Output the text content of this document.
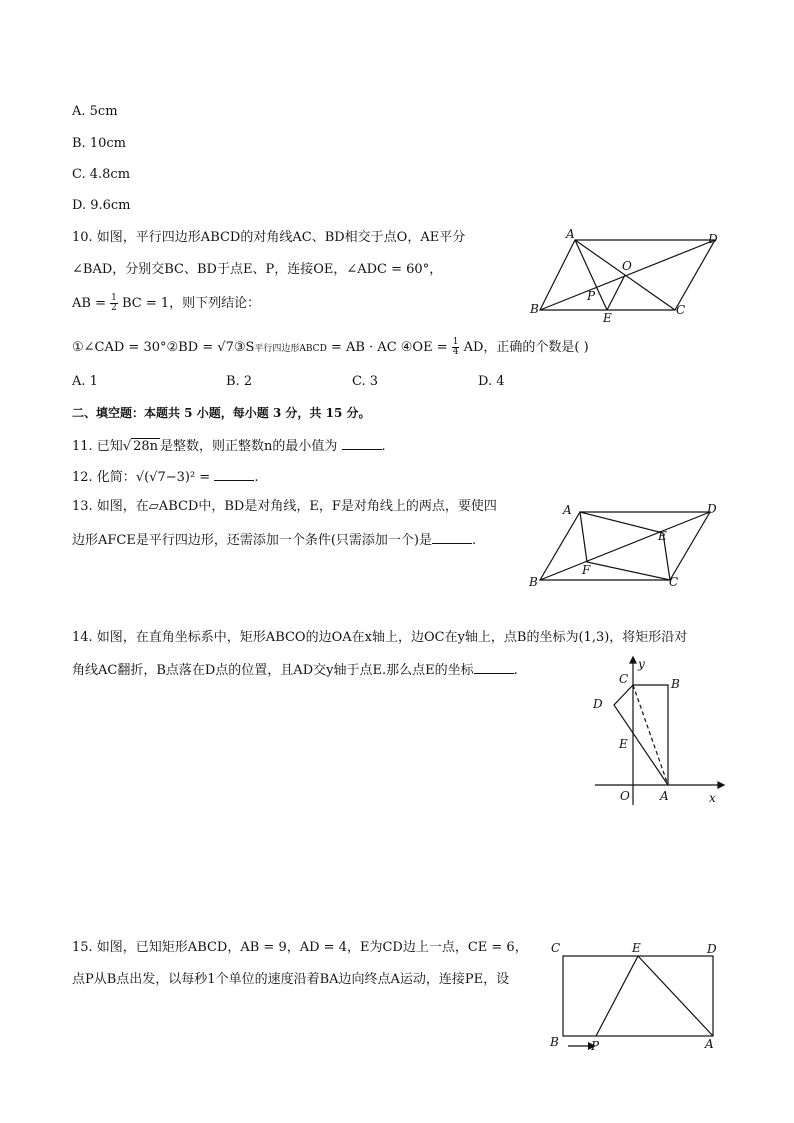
A. 5cm
B. 10cm
C. 4.8cm
D. 9.6cm
10. 如图，平行四边形ABCD的对角线AC、BD相交于点O，AE平分
∠BAD，分别交BC、BD于点E、P，连接OE，∠ADC = 60°，
AB = $\frac{1}{2}$ BC = 1，则下列结论：
①∠CAD = 30°②BD = √7③S平行四边形ABCD = AB · AC ④OE = $\frac{1}{4}$ AD，正确的个数是( )
A. 1	B. 2	C. 3	D. 4
A	D
O
P
B
E
C
二、填空题：本题共 5 小题，每小题 3 分，共 15 分。
11. 已知√ 28n 是整数，则正整数n的最小值为	.
12. 化简：√(√7−3)² =	.
13. 如图，在▱ABCD中，BD是对角线，E，F是对角线上的两点，要使四
边形AFCE是平行四边形，还需添加一个条件(只需添加一个)是	.
A	D
E
F
B	C
14. 如图，在直角坐标系中，矩形ABCO的边OA在x轴上，边OC在y轴上，点B的坐标为(1,3)，将矩形沿对
角线AC翻折，B点落在D点的位置，且AD交y轴于点E.那么点E的坐标	.	y
C	B
D
E
O	A	x
15. 如图，已知矩形ABCD，AB = 9，AD = 4，E为CD边上一点，CE = 6，
点P从B点出发，以每秒1个单位的速度沿着BA边向终点A运动，连接PE，设
C	E	D
B	P	A
